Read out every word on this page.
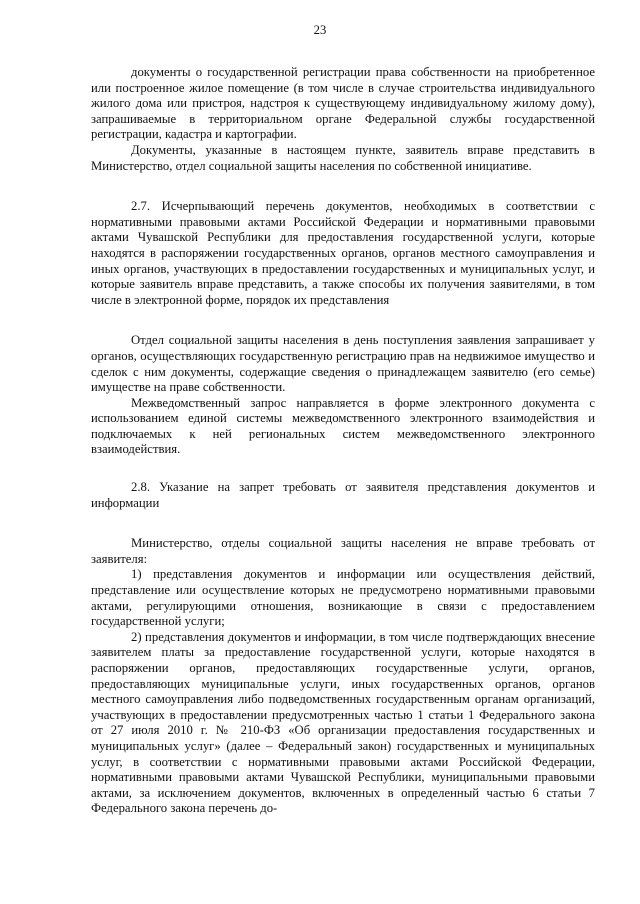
23

документы о государственной регистрации права собственности на приобретенное или построенное жилое помещение (в том числе в случае строительства индивидуального жилого дома или пристроя, надстроя к существующему индивидуальному жилому дому), запрашиваемые в территориальном органе Федеральной службы государственной регистрации, кадастра и картографии.

Документы, указанные в настоящем пункте, заявитель вправе представить в Министерство, отдел социальной защиты населения по собственной инициативе.

2.7. Исчерпывающий перечень документов, необходимых в соответствии с нормативными правовыми актами Российской Федерации и нормативными правовыми актами Чувашской Республики для предоставления государственной услуги, которые находятся в распоряжении государственных органов, органов местного самоуправления и иных органов, участвующих в предоставлении государственных и муниципальных услуг, и которые заявитель вправе представить, а также способы их получения заявителями, в том числе в электронной форме, порядок их представления

Отдел социальной защиты населения в день поступления заявления запрашивает у органов, осуществляющих государственную регистрацию прав на недвижимое имущество и сделок с ним документы, содержащие сведения о принадлежащем заявителю (его семье) имуществе на праве собственности.

Межведомственный запрос направляется в форме электронного документа с использованием единой системы межведомственного электронного взаимодействия и подключаемых к ней региональных систем межведомственного электронного взаимодействия.

2.8. Указание на запрет требовать от заявителя представления документов и информации

Министерство, отделы социальной защиты населения не вправе требовать от заявителя:

1) представления документов и информации или осуществления действий, представление или осуществление которых не предусмотрено нормативными правовыми актами, регулирующими отношения, возникающие в связи с предоставлением государственной услуги;

2) представления документов и информации, в том числе подтверждающих внесение заявителем платы за предоставление государственной услуги, которые находятся в распоряжении органов, предоставляющих государственные услуги, органов, предоставляющих муниципальные услуги, иных государственных органов, органов местного самоуправления либо подведомственных государственным органам организаций, участвующих в предоставлении предусмотренных частью 1 статьи 1 Федерального закона от 27 июля 2010 г. № 210-ФЗ «Об организации предоставления государственных и муниципальных услуг» (далее – Федеральный закон) государственных и муниципальных услуг, в соответствии с нормативными правовыми актами Российской Федерации, нормативными правовыми актами Чувашской Республики, муниципальными правовыми актами, за исключением документов, включенных в определенный частью 6 статьи 7 Федерального закона перечень до-
